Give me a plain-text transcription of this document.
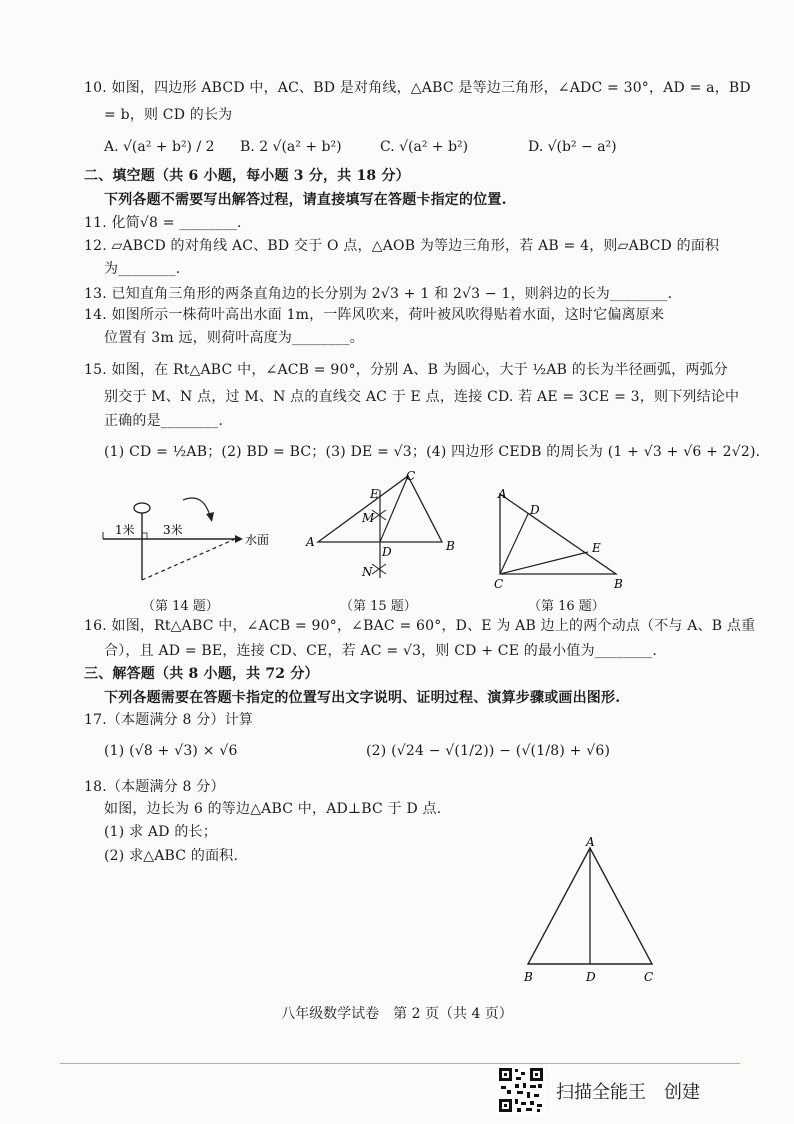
10. 如图，四边形 ABCD 中，AC、BD 是对角线，△ABC 是等边三角形，∠ADC = 30°，AD = a，BD
= b，则 CD 的长为
A. √(a² + b²) / 2 B. 2 √(a² + b²)	C. √(a² + b²)	D. √(b² − a²)
二、填空题（共 6 小题，每小题 3 分，共 18 分）
下列各题不需要写出解答过程，请直接填写在答题卡指定的位置.
11. 化简√8 = ________.
12. ▱ABCD 的对角线 AC、BD 交于 O 点，△AOB 为等边三角形，若 AB = 4，则▱ABCD 的面积
为________.
13. 已知直角三角形的两条直角边的长分别为 2√3 + 1 和 2√3 − 1，则斜边的长为________.
14. 如图所示一株荷叶高出水面 1m，一阵风吹来，荷叶被风吹得贴着水面，这时它偏离原来
位置有 3m 远，则荷叶高度为________。
15. 如图，在 Rt△ABC 中，∠ACB = 90°，分别 A、B 为圆心，大于 ½AB 的长为半径画弧，两弧分
别交于 M、N 点，过 M、N 点的直线交 AC 于 E 点，连接 CD. 若 AE = 3CE = 3，则下列结论中
正确的是________.
(1) CD = ½AB；(2) BD = BC；(3) DE = √3；(4) 四边形 CEDB 的周长为 (1 + √3 + √6 + 2√2).
1米 3米
水面
E
C
M
A
D	B
N
A
D
E
C	B
（第 14 题）	（第 15 题）	（第 16 题）
16. 如图，Rt△ABC 中，∠ACB = 90°，∠BAC = 60°，D、E 为 AB 边上的两个动点（不与 A、B 点重
合），且 AD = BE，连接 CD、CE，若 AC = √3，则 CD + CE 的最小值为________.
三、解答题（共 8 小题，共 72 分）
下列各题需要在答题卡指定的位置写出文字说明、证明过程、演算步骤或画出图形.
17.（本题满分 8 分）计算
(1) (√8 + √3) × √6	(2) (√24 − √(1/2)) − (√(1/8) + √6)
18.（本题满分 8 分）
如图，边长为 6 的等边△ABC 中，AD⊥BC 于 D 点.
(1) 求 AD 的长；
(2) 求△ABC 的面积.
A
B	D	C
八年级数学试卷　第 2 页（共 4 页）
扫描全能王　创建
